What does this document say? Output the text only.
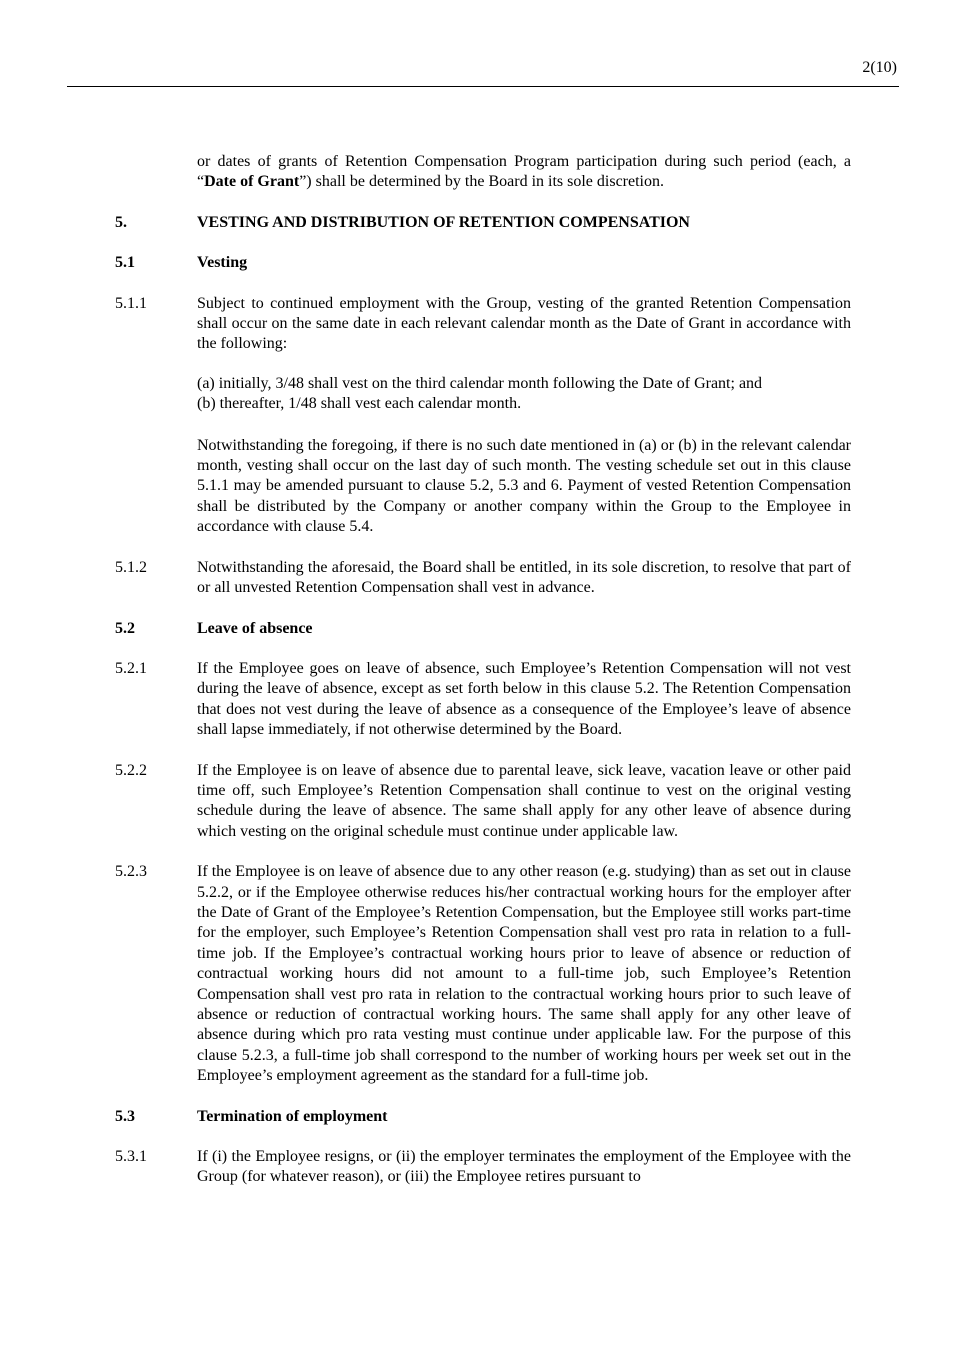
2(10)

or dates of grants of Retention Compensation Program participation during such period (each, a “Date of Grant”) shall be determined by the Board in its sole discretion.

5.	VESTING AND DISTRIBUTION OF RETENTION COMPENSATION
5.1	Vesting
5.1.1	Subject to continued employment with the Group, vesting of the granted Retention Compensation shall occur on the same date in each relevant calendar month as the Date of Grant in accordance with the following:

(a) initially, 3/48 shall vest on the third calendar month following the Date of Grant; and

(b) thereafter, 1/48 shall vest each calendar month.

Notwithstanding the foregoing, if there is no such date mentioned in (a) or (b) in the relevant calendar month, vesting shall occur on the last day of such month. The vesting schedule set out in this clause 5.1.1 may be amended pursuant to clause 5.2, 5.3 and 6. Payment of vested Retention Compensation shall be distributed by the Company or another company within the Group to the Employee in accordance with clause 5.4.

5.1.2	Notwithstanding the aforesaid, the Board shall be entitled, in its sole discretion, to resolve that part of or all unvested Retention Compensation shall vest in advance.

5.2	Leave of absence
5.2.1	If the Employee goes on leave of absence, such Employee’s Retention Compensation will not vest during the leave of absence, except as set forth below in this clause 5.2. The Retention Compensation that does not vest during the leave of absence as a consequence of the Employee’s leave of absence shall lapse immediately, if not otherwise determined by the Board.

5.2.2	If the Employee is on leave of absence due to parental leave, sick leave, vacation leave or other paid time off, such Employee’s Retention Compensation shall continue to vest on the original vesting schedule during the leave of absence. The same shall apply for any other leave of absence during which vesting on the original schedule must continue under applicable law.

5.2.3	If the Employee is on leave of absence due to any other reason (e.g. studying) than as set out in clause 5.2.2, or if the Employee otherwise reduces his/her contractual working hours for the employer after the Date of Grant of the Employee’s Retention Compensation, but the Employee still works part-time for the employer, such Employee’s Retention Compensation shall vest pro rata in relation to a full-time job. If the Employee’s contractual working hours prior to leave of absence or reduction of contractual working hours did not amount to a full-time job, such Employee’s Retention Compensation shall vest pro rata in relation to the contractual working hours prior to such leave of absence or reduction of contractual working hours. The same shall apply for any other leave of absence during which pro rata vesting must continue under applicable law. For the purpose of this clause 5.2.3, a full-time job shall correspond to the number of working hours per week set out in the Employee’s employment agreement as the standard for a full-time job.

5.3	Termination of employment
5.3.1	If (i) the Employee resigns, or (ii) the employer terminates the employment of the Employee with the Group (for whatever reason), or (iii) the Employee retires pursuant to
